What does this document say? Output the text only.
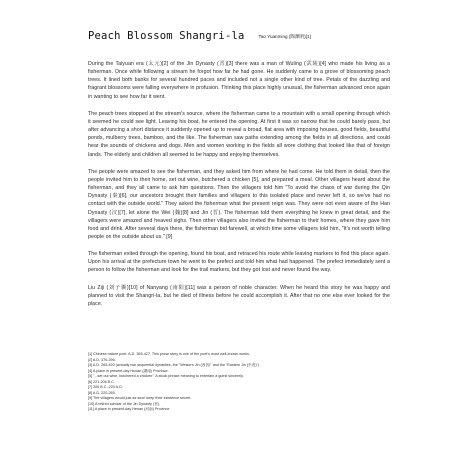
Peach Blossom Shangri-la	Tao Yuanming (陶渊明)[1]

During the Taiyuan era (太元)[2] of the Jin Dynasty (晋)[3] there was a man of Wuling (武陵)[4] who made his living as a fisherman. Once while following a stream he forgot how far he had gone. He suddenly came to a grove of blossoming peach trees. It lined both banks for several hundred paces and included not a single other kind of tree. Petals of the dazzling and fragrant blossoms were falling everywhere in profusion. Thinking this place highly unusual, the fisherman advanced once again in wanting to see how far it went.

The peach trees stopped at the stream's source, where the fisherman came to a mountain with a small opening through which it seemed he could see light. Leaving his boat, he entered the opening. At first it was so narrow that he could barely pass, but after advancing a short distance it suddenly opened up to reveal a broad, flat area with imposing houses, good fields, beautiful ponds, mulberry trees, bamboo, and the like. The fisherman saw paths extending among the fields in all directions, and could hear the sounds of chickens and dogs. Men and women working in the fields all wore clothing that looked like that of foreign lands. The elderly and children all seemed to be happy and enjoying themselves.

The people were amazed to see the fisherman, and they asked him from where he had come. He told them in detail, then the people invited him to their home, set out wine, butchered a chicken [5], and prepared a meal. Other villagers heard about the fisherman, and they all came to ask him questions. Then the villagers told him "To avoid the chaos of war during the Qin Dynasty (秦)[6], our ancestors brought their families and villagers to this isolated place and never left it, so we've had no contact with the outside world." They asked the fisherman what the present reign was. They were not even aware of the Han Dynasty (汉)[7], let alone the Wei (魏)[8] and Jin (晋). The fisherman told them everything he knew in great detail, and the villagers were amazed and heaved sighs. Then other villagers also invited the fisherman to their homes, where they gave him food and drink. After several days there, the fisherman bid farewell, at which time some villagers told him, "It's not worth telling people on the outside about us." [9]

The fisherman exited through the opening, found his boat, and retraced his route while leaving markers to find this place again. Upon his arrival at the prefecture town he went to the prefect and told him what had happened. The prefect immediately sent a person to follow the fisherman and look for the trail markers, but they got lost and never found the way.

Liu Ziji (刘子骥)[10] of Nanyang (南阳)[11] was a person of noble character. When he heard this story he was happy and planned to visit the Shangri-la, but he died of illness before he could accomplish it. After that no one else ever looked for the place.

[1] Chinese nature poet, A.D. 365-427. This prose story is one of the poet's most well-known works.
[2] A.D. 376-396.
[3] A.D. 265-420 (actually two sequential dynasties, the "Western Jin (西晋)" and the "Eastern Jin (东晋)").
[4] A place in present-day Hunan (湖南) Province.
[5] "...set out wine, butchered a chicken": A stock phrase meaning to entertain a guest sincerely.
[6] 221-206 B.C.
[7] 206 B.C.-220 A.D.
[8] A.D. 220-265.
[9] The villagers would just as soon keep their existence secret.
[10] A retired scholar of the Jin Dynasty (晋).
[11] A place in present-day Henan (河南) Province.
